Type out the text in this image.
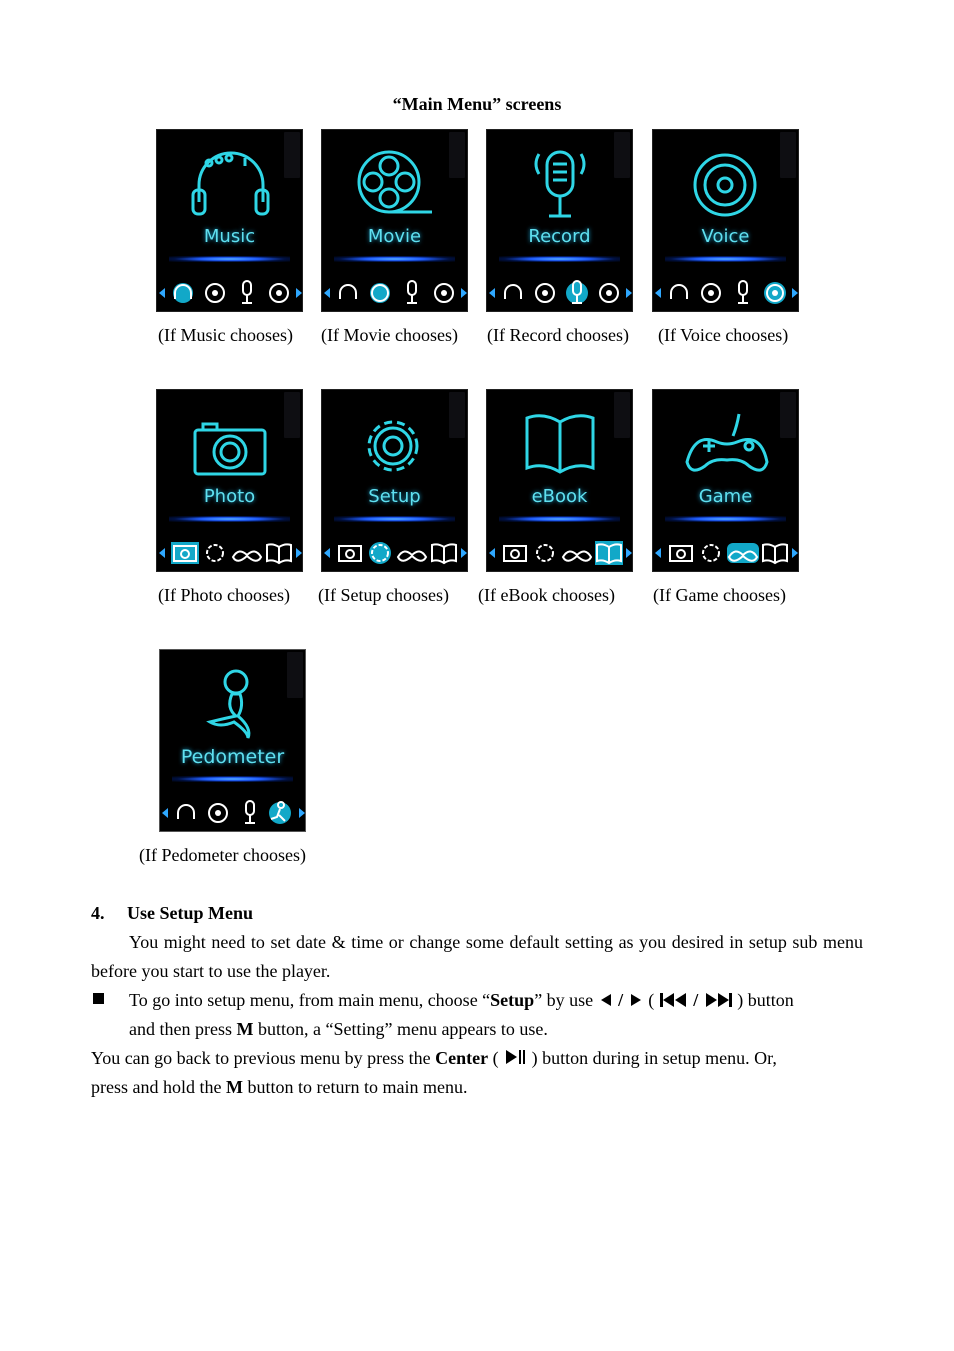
“Main Menu” screens
Music	Movie	Record	Voice
(If Music chooses) (If Movie chooses) (If Record chooses) (If Voice chooses)
Photo	Setup	eBook	Game
(If Photo chooses) (If Setup chooses) (If eBook chooses) (If Game chooses)
Pedometer
(If Pedometer chooses)
4. Use Setup Menu
You might need to set date & time or change some default setting as you desired in setup sub menu before you start to use the player.
To go into setup menu, from main menu, choose “Setup” by use / ( / ) button
and then press M button, a “Setting” menu appears to use.
You can go back to previous menu by press the Center ( ) button during in setup menu. Or,
press and hold the M button to return to main menu.
